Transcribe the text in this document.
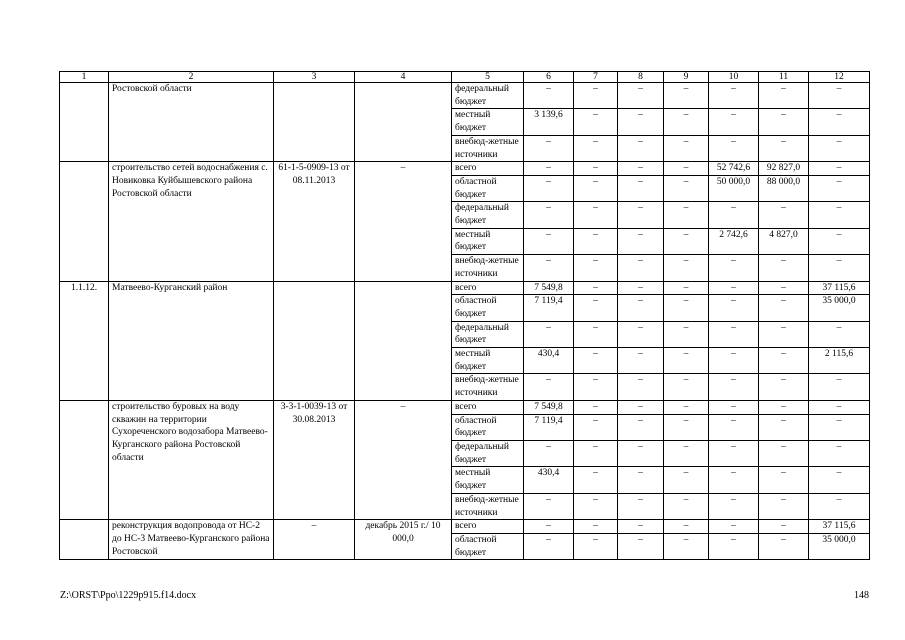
1	2	3	4	5	6	7	8	9	10	11	12
	Ростовской области			федеральный бюджет	–	–	–	–	–	–	–
				местный бюджет	3 139,6	–	–	–	–	–	–
				внебюд-жетные источники	–	–	–	–	–	–	–
	строительство сетей водоснабжения с. Новиковка Куйбышевского района Ростовской области	61-1-5-0909-13 от 08.11.2013	–	всего	–	–	–	–	52 742,6	92 827,0	–
				областной бюджет	–	–	–	–	50 000,0	88 000,0	–
				федеральный бюджет	–	–	–	–	–	–	–
				местный бюджет	–	–	–	–	2 742,6	4 827,0	–
				внебюд-жетные источники	–	–	–	–	–	–	–
1.1.12.	Матвеево-Курганский район			всего	7 549,8	–	–	–	–	–	37 115,6
				областной бюджет	7 119,4	–	–	–	–	–	35 000,0
				федеральный бюджет	–	–	–	–	–	–	–
				местный бюджет	430,4	–	–	–	–	–	2 115,6
				внебюд-жетные источники	–	–	–	–	–	–	–
	строительство буровых на воду скважин на территории Сухореченского водозабора Матвеево-Курганского района Ростовской области	3-3-1-0039-13 от 30.08.2013	–	всего	7 549,8	–	–	–	–	–	–
				областной бюджет	7 119,4	–	–	–	–	–	–
				федеральный бюджет	–	–	–	–	–	–	–
				местный бюджет	430,4	–	–	–	–	–	–
				внебюд-жетные источники	–	–	–	–	–	–	–
	реконструкция водопровода от НС-2 до НС-3 Матвеево-Курганского района Ростовской	–	декабрь 2015 г./ 10 000,0	всего	–	–	–	–	–	–	37 115,6
				областной бюджет	–	–	–	–	–	–	35 000,0
Z:\ORST\Ppo\1229p915.f14.docx	148
